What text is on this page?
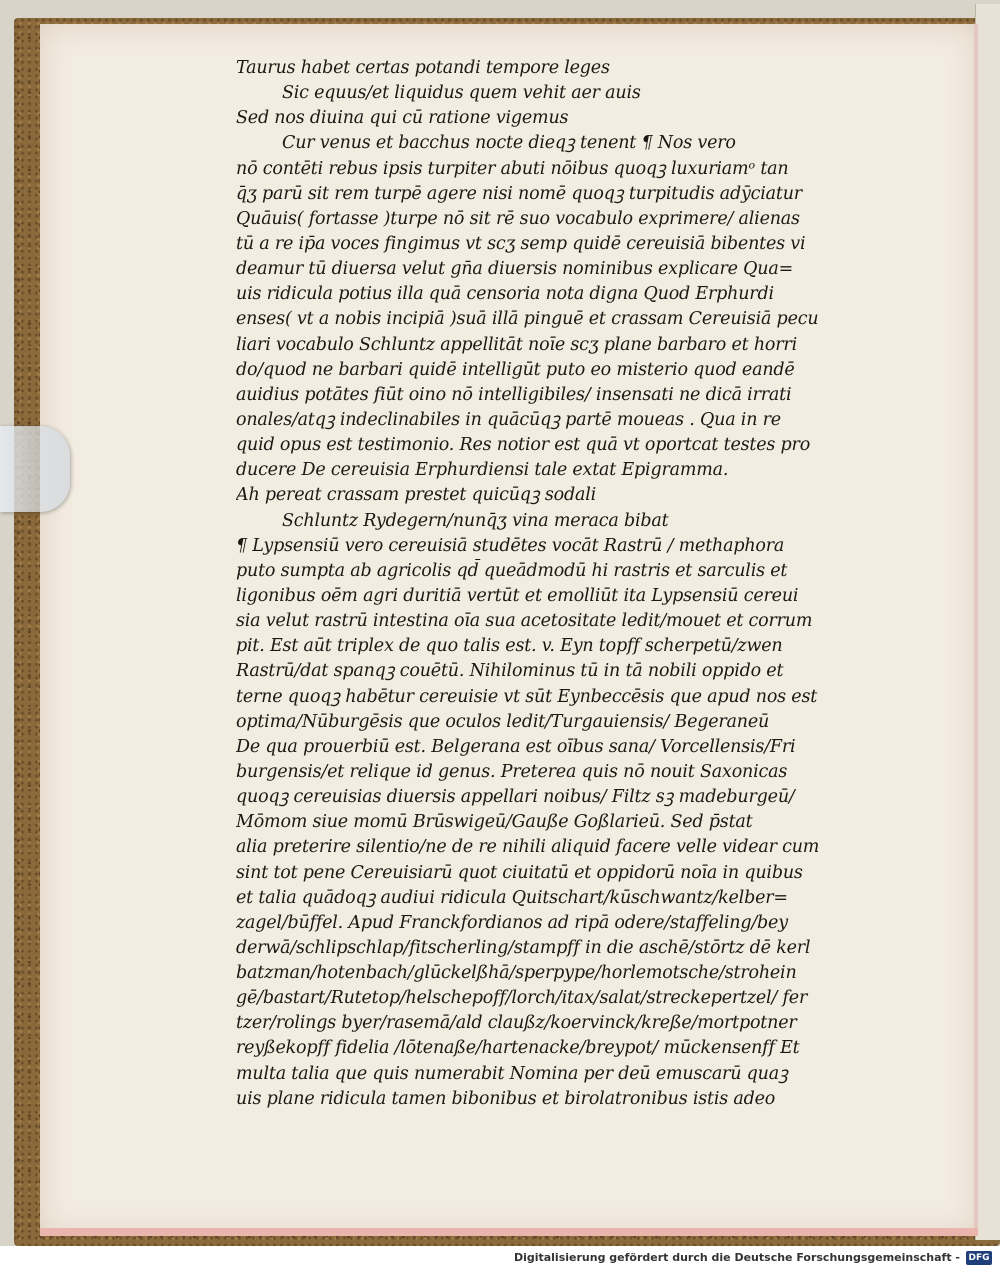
Taurus habet certas potandi tempore leges
Sic equus/et liquidus quem vehit aer auis
Sed nos diuina qui cū ratione vigemus
Cur venus et bacchus nocte dieqꝫ tenent ¶ Nos vero
nō contēti rebus ipsis turpiter abuti nōibus quoqꝫ luxuriamᵒ tan
q̄ʒ parū sit rem turpē agere nisi nomē quoqꝫ turpitudis adȳciatur
Quāuis( fortasse )turpe nō sit rē suo vocabulo exprimere/ alienas
tū a re ip̄a voces fingimus vt scʒ semp quidē cereuisiā bibentes vi
deamur tū diuersa velut gn̄a diuersis nominibus explicare Qua=
uis ridicula potius illa quā censoria nota digna Quod Erphurdi
enses( vt a nobis incipiā )suā illā pinguē et crassam Cereuisiā pecu
liari vocabulo Schluntz appellitāt noīe scʒ plane barbaro et horri
do/quod ne barbari quidē intelligūt puto eo misterio quod eandē
auidius potātes fiūt oino nō intelligibiles/ insensati ne dicā irrati
onales/atqꝫ indeclinabiles in quācūqꝫ partē moueas . Qua in re
quid opus est testimonio. Res notior est quā vt oportcat testes pro
ducere De cereuisia Erphurdiensi tale extat Epigramma.
Ah pereat crassam prestet quicūqꝫ sodali
Schluntz Rydegern/nunq̄ʒ vina meraca bibat
¶ Lypsensiū vero cereuisiā studētes vocāt Rastrū / methaphora
puto sumpta ab agricolis qd̄ queādmodū hi rastris et sarculis et
ligonibus oēm agri duritiā vertūt et emolliūt ita Lypsensiū cereui
sia velut rastrū intestina oīa sua acetositate ledit/mouet et corrum
pit. Est aūt triplex de quo talis est. v. Eyn topff scherpetū/zwen
Rastrū/dat spanqꝫ couētū. Nihilominus tū in tā nobili oppido et
terne quoqꝫ habētur cereuisie vt sūt Eynbeccēsis que apud nos est
optima/Nūburgēsis que oculos ledit/Turgauiensis/ Begeraneū
De qua prouerbiū est. Belgerana est oībus sana/ Vorcellensis/Fri
burgensis/et relique id genus. Preterea quis nō nouit Saxonicas
quoqꝫ cereuisias diuersis appellari noibus/ Filtz sꝫ madeburgeū/
Mōmom siue momū Brūswigeū/Gauße Goßlarieū. Sed p̄stat
alia preterire silentio/ne de re nihili aliquid facere velle videar cum
sint tot pene Cereuisiarū quot ciuitatū et oppidorū noīa in quibus
et talia quādoqꝫ audiui ridicula Quitschart/kūschwantz/kelber=
zagel/būffel. Apud Franckfordianos ad ripā odere/staffeling/bey
derwā/schlipschlap/fitscherling/stampff in die aschē/stōrtz dē kerl
batzman/hotenbach/glūckelßhā/sperpype/horlemotsche/strohein
gē/bastart/Rutetop/helschepoff/lorch/itax/salat/streckepertzel/ fer
tzer/rolings byer/rasemā/ald claußz/koervinck/kreße/mortpotner
reyßekopff fidelia /lōtenaße/hartenacke/breypot/ mūckensenff Et
multa talia que quis numerabit Nomina per deū emuscarū quaꝫ
uis plane ridicula tamen bibonibus et birolatronibus istis adeo
Digitalisierung gefördert durch die Deutsche Forschungsgemeinschaft - DFG
